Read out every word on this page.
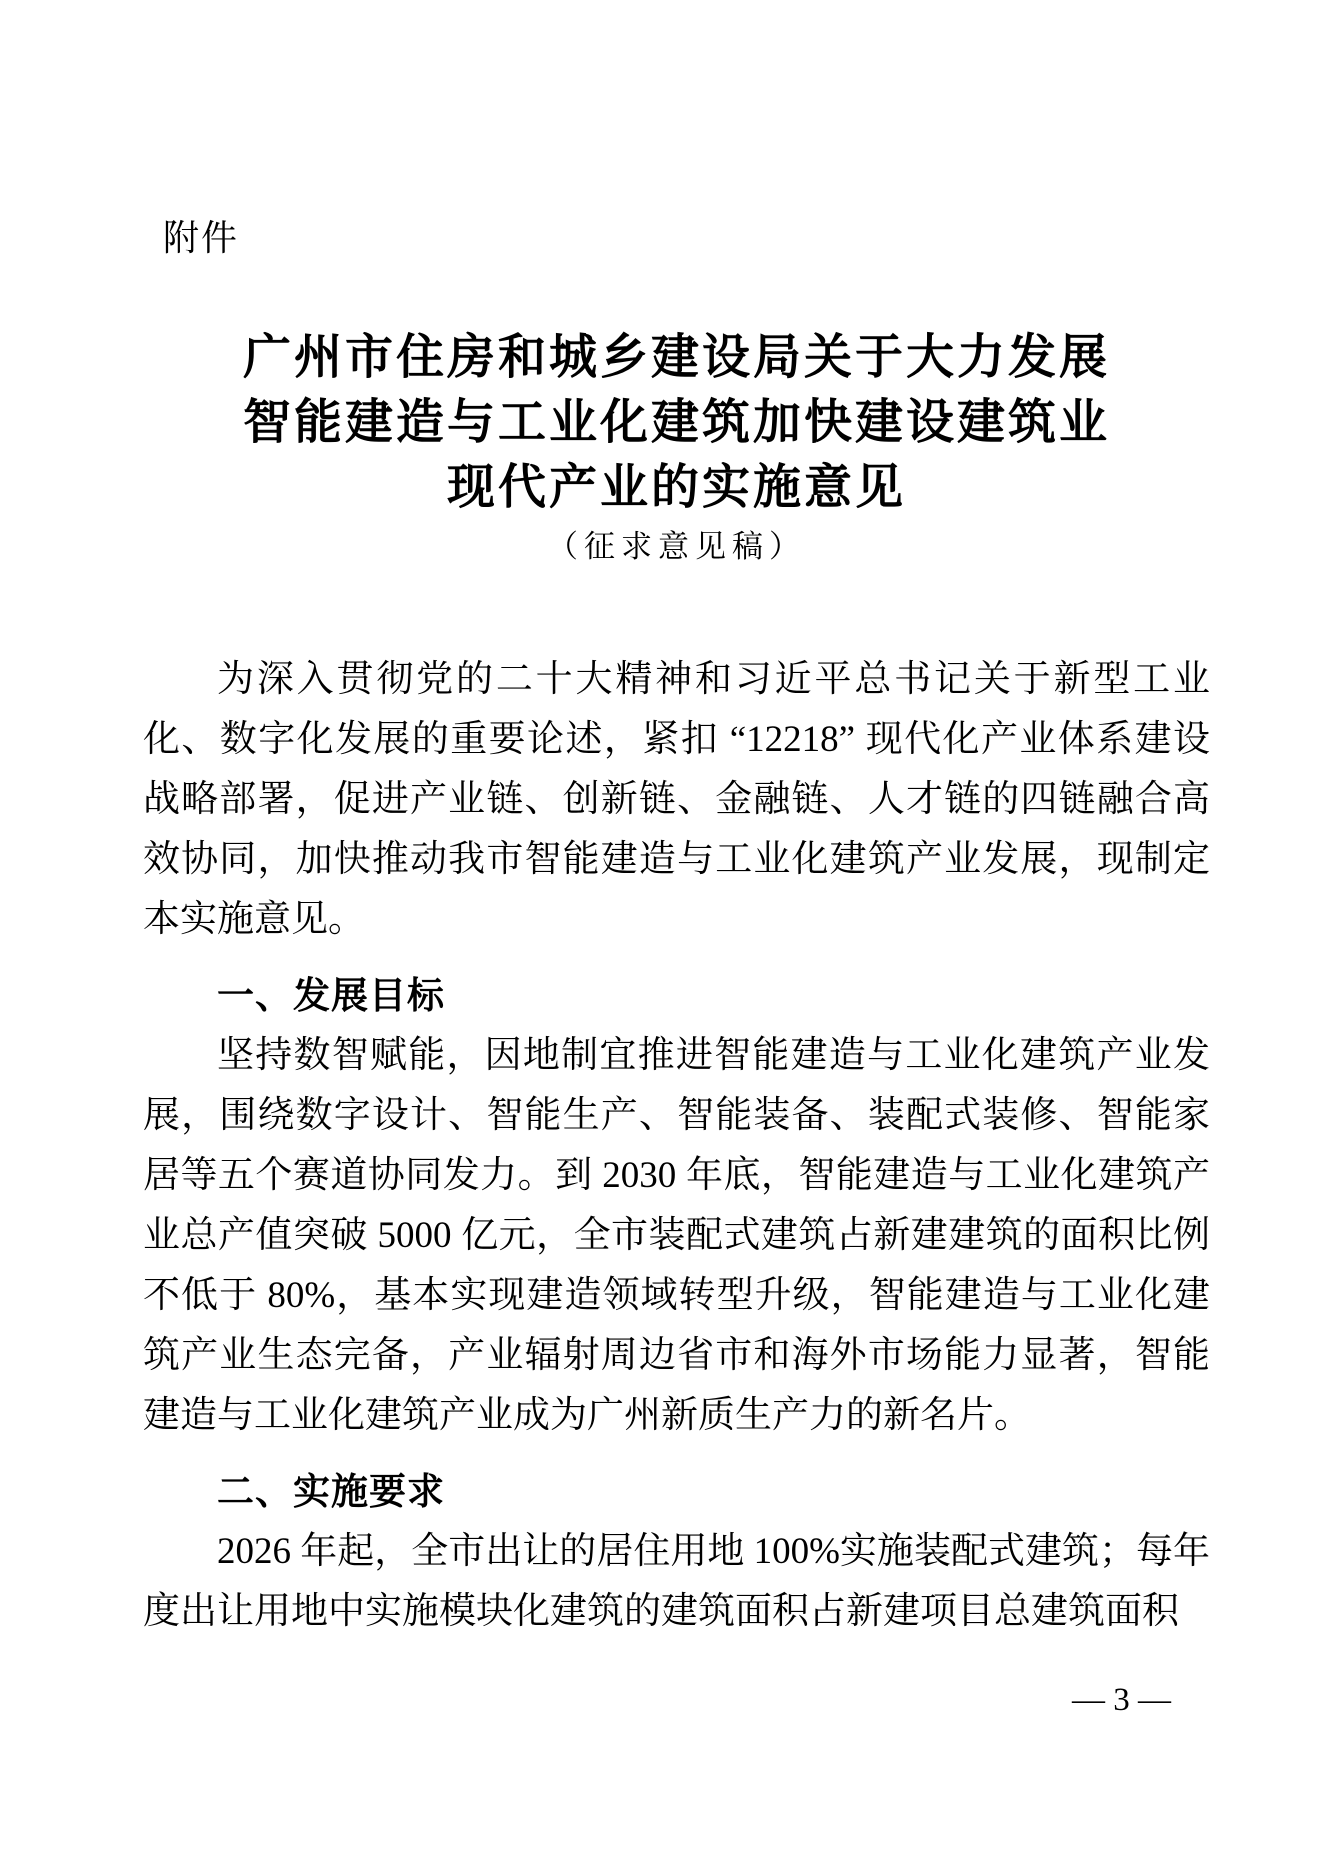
附件
广州市住房和城乡建设局关于大力发展
智能建造与工业化建筑加快建设建筑业
现代产业的实施意见
（征求意见稿）
为深入贯彻党的二十大精神和习近平总书记关于新型工业化、数字化发展的重要论述，紧扣 “12218” 现代化产业体系建设战略部署，促进产业链、创新链、金融链、人才链的四链融合高效协同，加快推动我市智能建造与工业化建筑产业发展，现制定本实施意见。
一、发展目标
坚持数智赋能，因地制宜推进智能建造与工业化建筑产业发展，围绕数字设计、智能生产、智能装备、装配式装修、智能家居等五个赛道协同发力。到 2030 年底，智能建造与工业化建筑产业总产值突破 5000 亿元，全市装配式建筑占新建建筑的面积比例不低于 80%，基本实现建造领域转型升级，智能建造与工业化建筑产业生态完备，产业辐射周边省市和海外市场能力显著，智能建造与工业化建筑产业成为广州新质生产力的新名片。
二、实施要求
2026 年起，全市出让的居住用地 100%实施装配式建筑；每年度出让用地中实施模块化建筑的建筑面积占新建项目总建筑面积
— 3 —
